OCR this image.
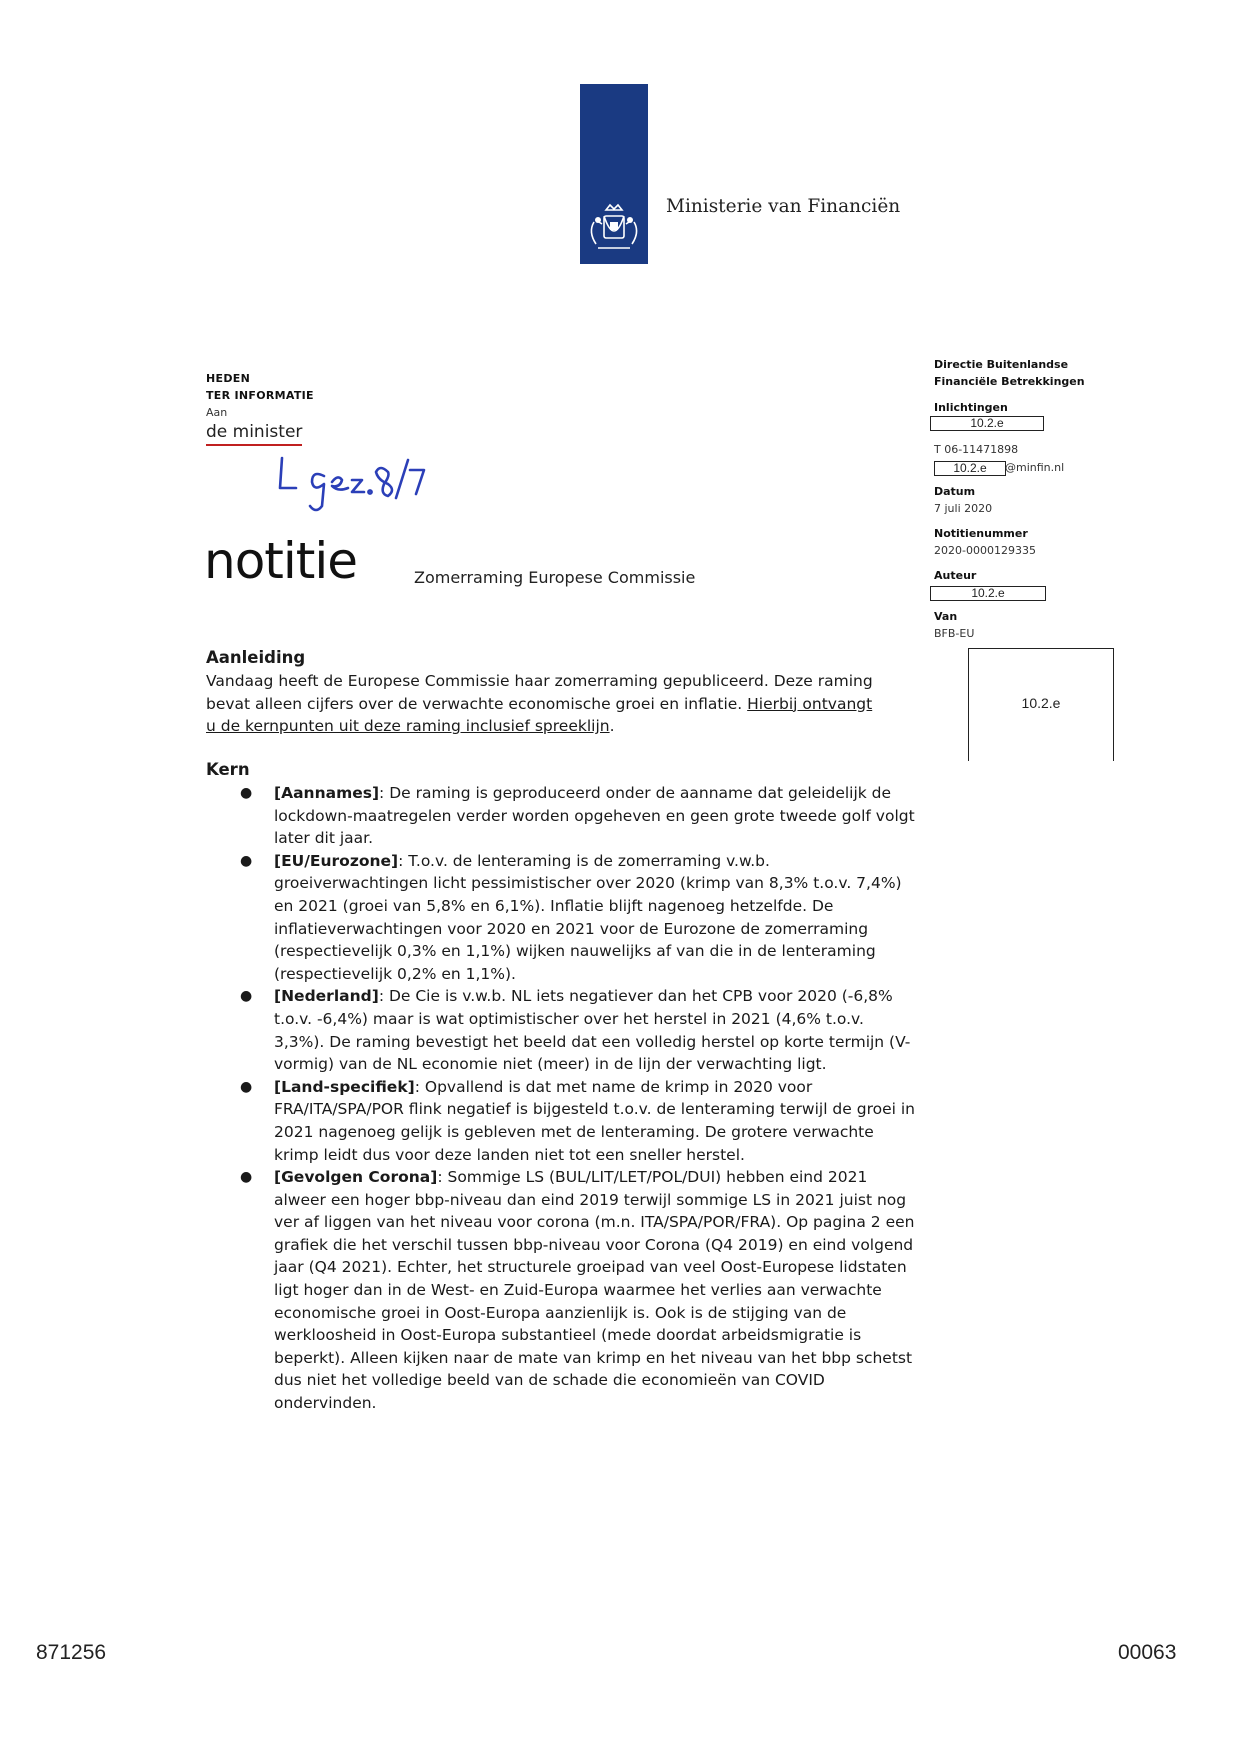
Ministerie van Financiën
HEDEN
TER INFORMATIE
Aan
de minister
notitie	Zomerraming Europese Commissie
Directie Buitenlandse
Financiële Betrekkingen
Inlichtingen
10.2.e
T 06-11471898
10.2.e	@minfin.nl
Datum
7 juli 2020
Notitienummer
2020-0000129335
Auteur
10.2.e
Van
BFB-EU
10.2.e
Aanleiding
Vandaag heeft de Europese Commissie haar zomerraming gepubliceerd. Deze raming bevat alleen cijfers over de verwachte economische groei en inflatie. Hierbij ontvangt u de kernpunten uit deze raming inclusief spreeklijn.
Kern
● [Aannames]: De raming is geproduceerd onder de aanname dat geleidelijk de lockdown-maatregelen verder worden opgeheven en geen grote tweede golf volgt later dit jaar.
● [EU/Eurozone]: T.o.v. de lenteraming is de zomerraming v.w.b. groeiverwachtingen licht pessimistischer over 2020 (krimp van 8,3% t.o.v. 7,4%) en 2021 (groei van 5,8% en 6,1%). Inflatie blijft nagenoeg hetzelfde. De inflatieverwachtingen voor 2020 en 2021 voor de Eurozone de zomerraming (respectievelijk 0,3% en 1,1%) wijken nauwelijks af van die in de lenteraming (respectievelijk 0,2% en 1,1%).
● [Nederland]: De Cie is v.w.b. NL iets negatiever dan het CPB voor 2020 (-6,8% t.o.v. -6,4%) maar is wat optimistischer over het herstel in 2021 (4,6% t.o.v. 3,3%). De raming bevestigt het beeld dat een volledig herstel op korte termijn (V-vormig) van de NL economie niet (meer) in de lijn der verwachting ligt.
● [Land-specifiek]: Opvallend is dat met name de krimp in 2020 voor FRA/ITA/SPA/POR flink negatief is bijgesteld t.o.v. de lenteraming terwijl de groei in 2021 nagenoeg gelijk is gebleven met de lenteraming. De grotere verwachte krimp leidt dus voor deze landen niet tot een sneller herstel.
● [Gevolgen Corona]: Sommige LS (BUL/LIT/LET/POL/DUI) hebben eind 2021 alweer een hoger bbp-niveau dan eind 2019 terwijl sommige LS in 2021 juist nog ver af liggen van het niveau voor corona (m.n. ITA/SPA/POR/FRA). Op pagina 2 een grafiek die het verschil tussen bbp-niveau voor Corona (Q4 2019) en eind volgend jaar (Q4 2021). Echter, het structurele groeipad van veel Oost-Europese lidstaten ligt hoger dan in de West- en Zuid-Europa waarmee het verlies aan verwachte economische groei in Oost-Europa aanzienlijk is. Ook is de stijging van de werkloosheid in Oost-Europa substantieel (mede doordat arbeidsmigratie is beperkt). Alleen kijken naar de mate van krimp en het niveau van het bbp schetst dus niet het volledige beeld van de schade die economieën van COVID ondervinden.
871256	00063
